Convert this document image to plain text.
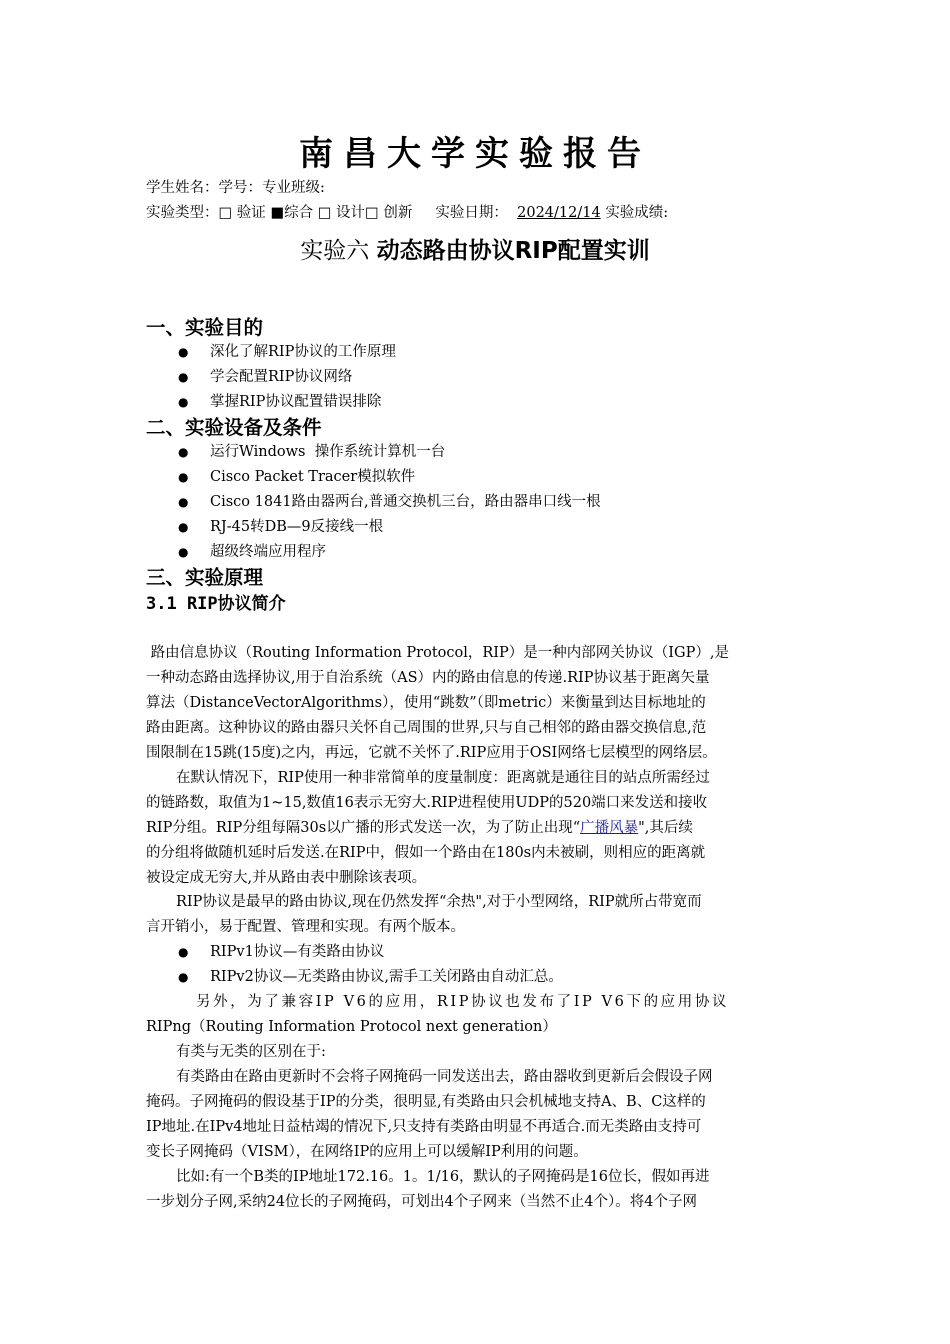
南昌大学实验报告
学生姓名：学号：专业班级:
实验类型：□ 验证 ■综合 □ 设计□ 创新 实验日期： 2024/12/14 实验成绩:
实验六 动态路由协议RIP配置实训
一、实验目的
● 深化了解RIP协议的工作原理
● 学会配置RIP协议网络
● 掌握RIP协议配置错误排除
二、实验设备及条件
● 运行Windows  操作系统计算机一台
● Cisco Packet Tracer模拟软件
● Cisco 1841路由器两台,普通交换机三台，路由器串口线一根
● RJ-45转DB—9反接线一根
● 超级终端应用程序
三、实验原理
3.1 RIP协议简介
路由信息协议（Routing Information Protocol，RIP）是一种内部网关协议（IGP）,是
一种动态路由选择协议,用于自治系统（AS）内的路由信息的传递.RIP协议基于距离矢量
算法（DistanceVectorAlgorithms），使用“跳数”（即metric）来衡量到达目标地址的
路由距离。这种协议的路由器只关怀自己周围的世界,只与自己相邻的路由器交换信息,范
围限制在15跳(15度)之内，再远，它就不关怀了.RIP应用于OSI网络七层模型的网络层。
在默认情况下，RIP使用一种非常简单的度量制度：距离就是通往目的站点所需经过
的链路数，取值为1~15,数值16表示无穷大.RIP进程使用UDP的520端口来发送和接收
RIP分组。RIP分组每隔30s以广播的形式发送一次，为了防止出现“广播风暴",其后续
的分组将做随机延时后发送.在RIP中，假如一个路由在180s内未被刷，则相应的距离就
被设定成无穷大,并从路由表中删除该表项。
RIP协议是最早的路由协议,现在仍然发挥“余热",对于小型网络，RIP就所占带宽而
言开销小，易于配置、管理和实现。有两个版本。
● RIPv1协议—有类路由协议
● RIPv2协议—无类路由协议,需手工关闭路由自动汇总。
另外，为了兼容IP V6的应用，RIP协议也发布了IP V6下的应用协议
RIPng（Routing Information Protocol next generation）
有类与无类的区别在于:
有类路由在路由更新时不会将子网掩码一同发送出去，路由器收到更新后会假设子网
掩码。子网掩码的假设基于IP的分类，很明显,有类路由只会机械地支持A、B、C这样的
IP地址.在IPv4地址日益枯竭的情况下,只支持有类路由明显不再适合.而无类路由支持可
变长子网掩码（VISM），在网络IP的应用上可以缓解IP利用的问题。
比如:有一个B类的IP地址172.16。1。1/16，默认的子网掩码是16位长，假如再进
一步划分子网,采纳24位长的子网掩码，可划出4个子网来（当然不止4个）。将4个子网
